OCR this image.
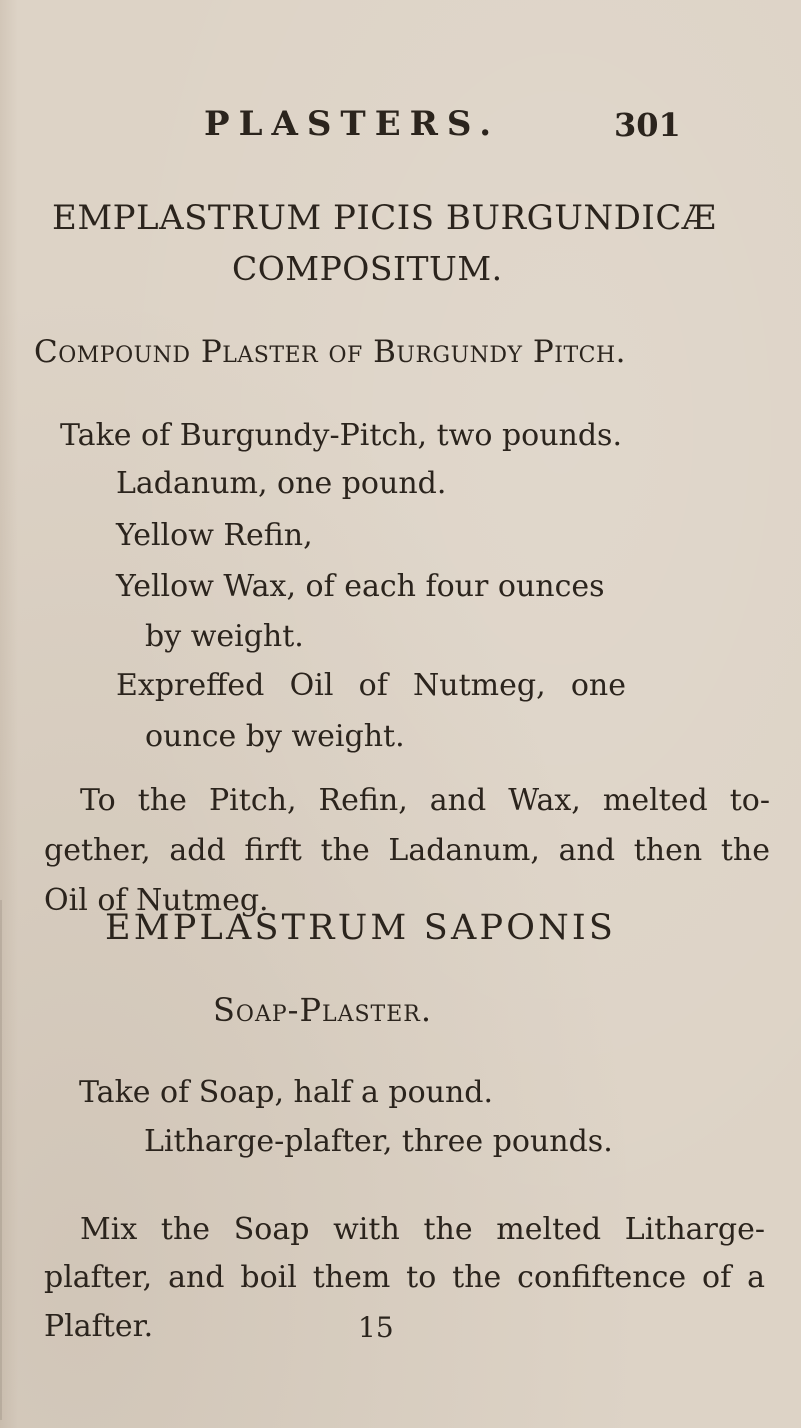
PLASTERS.	301
EMPLASTRUM PICIS BURGUNDICÆ
COMPOSITUM.
Compound Plaster of Burgundy Pitch.
Take of Burgundy-Pitch, two pounds.
Ladanum, one pound.
Yellow Refin,
Yellow Wax, of each four ounces
by weight.
Expreffed Oil of Nutmeg, one
ounce by weight.
To the Pitch, Refin, and Wax, melted to-
gether, add firft the Ladanum, and then the
Oil of Nutmeg.
EMPLASTRUM SAPONIS
Soap-Plaster.
Take of Soap, half a pound.
Litharge-plafter, three pounds.
Mix the Soap with the melted Litharge-
plafter, and boil them to the confiftence of a
Plafter.	15
